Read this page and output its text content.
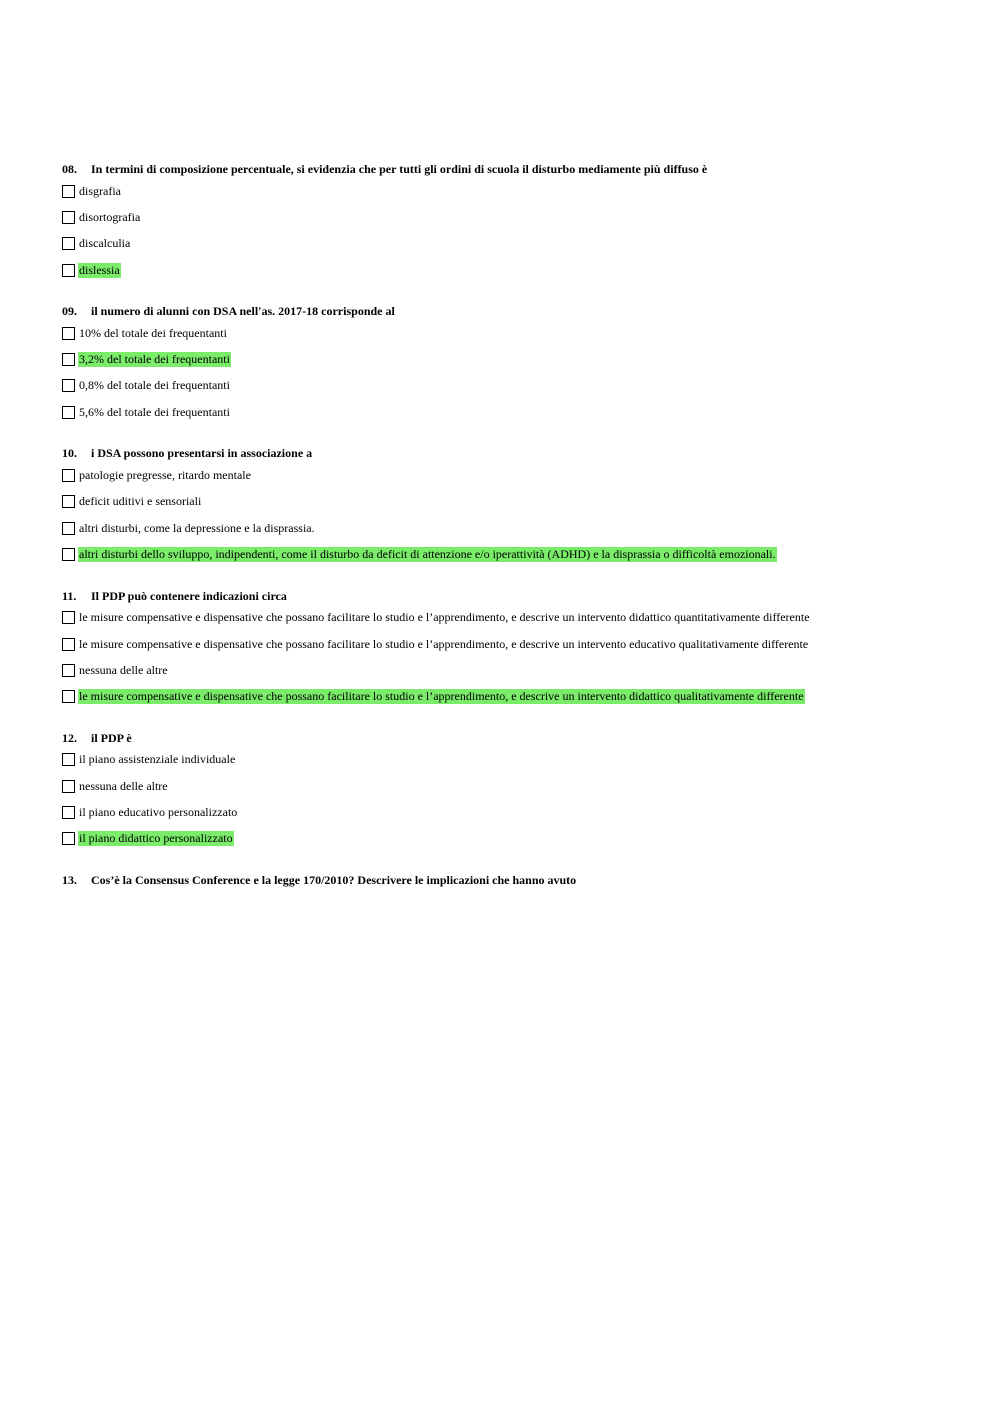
08. In termini di composizione percentuale, si evidenzia che per tutti gli ordini di scuola il disturbo mediamente più diffuso è
disgrafia
disortografia
discalculia
dislessia
09. il numero di alunni con DSA nell'as. 2017-18 corrisponde al
10% del totale dei frequentanti
3,2% del totale dei frequentanti
0,8% del totale dei frequentanti
5,6% del totale dei frequentanti
10. i DSA possono presentarsi in associazione a
patologie pregresse, ritardo mentale
deficit uditivi e sensoriali
altri disturbi, come la depressione e la disprassia.
altri disturbi dello sviluppo, indipendenti, come il disturbo da deficit di attenzione e/o iperattività (ADHD) e la disprassia o difficoltà emozionali.
11. Il PDP può contenere indicazioni circa
le misure compensative e dispensative che possano facilitare lo studio e l’apprendimento, e descrive un intervento didattico quantitativamente differente
le misure compensative e dispensative che possano facilitare lo studio e l’apprendimento, e descrive un intervento educativo qualitativamente differente
nessuna delle altre
le misure compensative e dispensative che possano facilitare lo studio e l’apprendimento, e descrive un intervento didattico qualitativamente differente
12. il PDP è
il piano assistenziale individuale
nessuna delle altre
il piano educativo personalizzato
il piano didattico personalizzato
13. Cos’è la Consensus Conference e la legge 170/2010? Descrivere le implicazioni che hanno avuto
